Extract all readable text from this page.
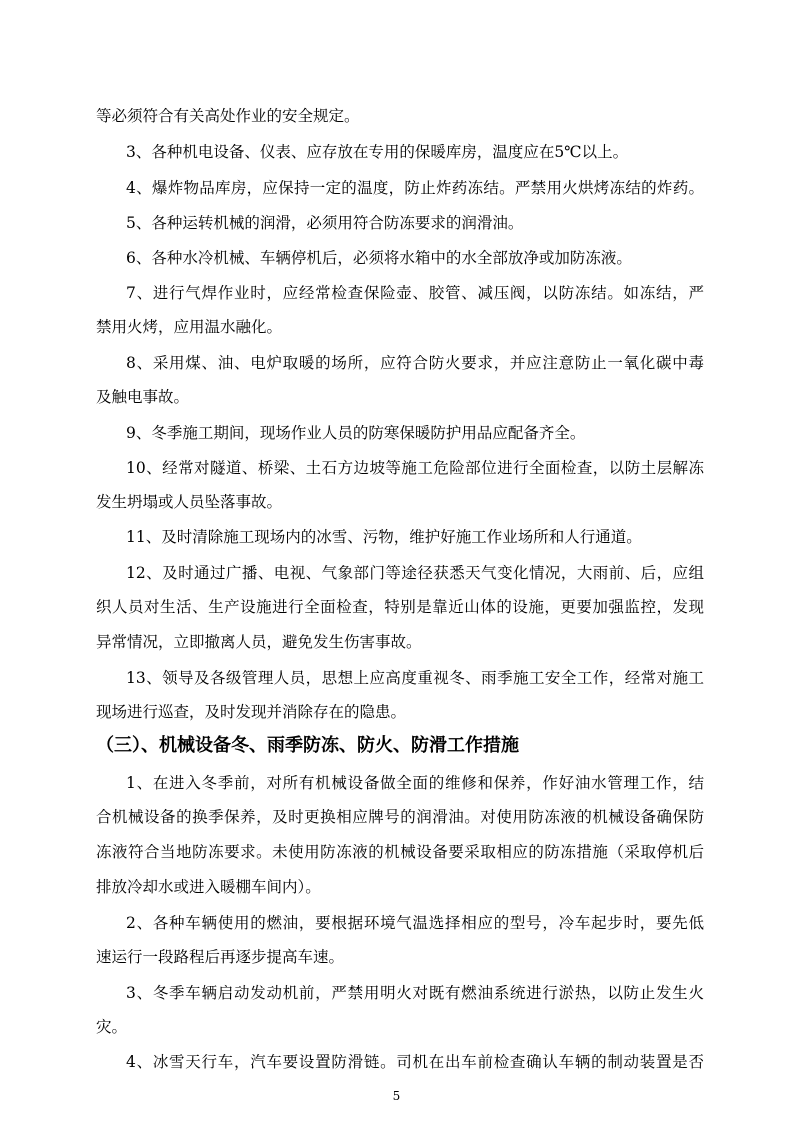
等必须符合有关高处作业的安全规定。
3、各种机电设备、仪表、应存放在专用的保暖库房，温度应在5℃以上。
4、爆炸物品库房，应保持一定的温度，防止炸药冻结。严禁用火烘烤冻结的炸药。
5、各种运转机械的润滑，必须用符合防冻要求的润滑油。
6、各种水冷机械、车辆停机后，必须将水箱中的水全部放净或加防冻液。
7、进行气焊作业时，应经常检查保险壶、胶管、减压阀，以防冻结。如冻结，严
禁用火烤，应用温水融化。
8、采用煤、油、电炉取暖的场所，应符合防火要求，并应注意防止一氧化碳中毒
及触电事故。
9、冬季施工期间，现场作业人员的防寒保暖防护用品应配备齐全。
10、经常对隧道、桥梁、土石方边坡等施工危险部位进行全面检查，以防土层解冻
发生坍塌或人员坠落事故。
11、及时清除施工现场内的冰雪、污物，维护好施工作业场所和人行通道。
12、及时通过广播、电视、气象部门等途径获悉天气变化情况，大雨前、后，应组
织人员对生活、生产设施进行全面检查，特别是靠近山体的设施，更要加强监控，发现
异常情况，立即撤离人员，避免发生伤害事故。
13、领导及各级管理人员，思想上应高度重视冬、雨季施工安全工作，经常对施工
现场进行巡查，及时发现并消除存在的隐患。
（三）、机械设备冬、雨季防冻、防火、防滑工作措施
1、在进入冬季前，对所有机械设备做全面的维修和保养，作好油水管理工作，结
合机械设备的换季保养，及时更换相应牌号的润滑油。对使用防冻液的机械设备确保防
冻液符合当地防冻要求。未使用防冻液的机械设备要采取相应的防冻措施（采取停机后
排放冷却水或进入暖棚车间内）。
2、各种车辆使用的燃油，要根据环境气温选择相应的型号，冷车起步时，要先低
速运行一段路程后再逐步提高车速。
3、冬季车辆启动发动机前，严禁用明火对既有燃油系统进行淤热，以防止发生火
灾。
4、冰雪天行车，汽车要设置防滑链。司机在出车前检查确认车辆的制动装置是否
5
